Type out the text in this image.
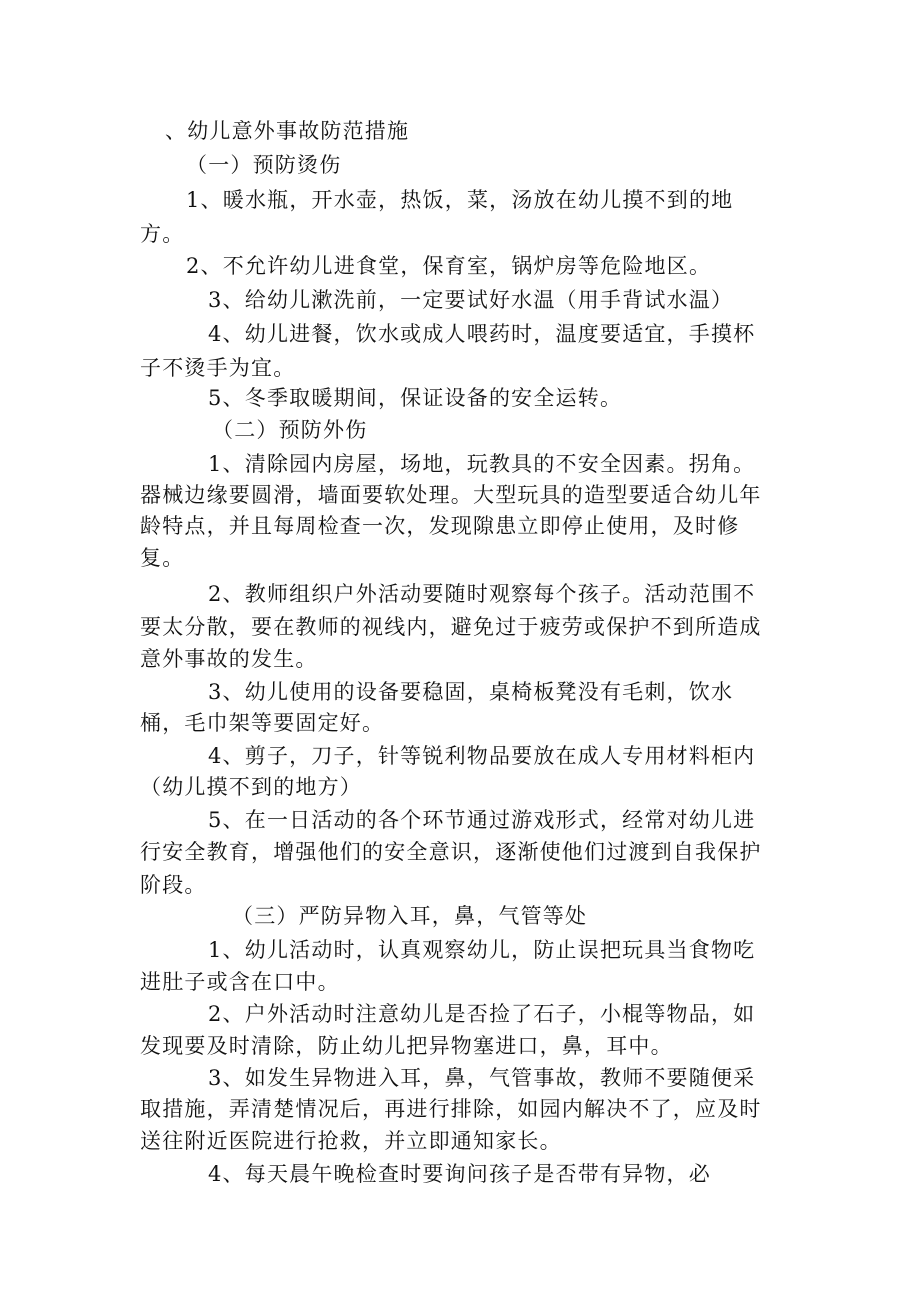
、幼儿意外事故防范措施
（一）预防烫伤
1、暖水瓶，开水壶，热饭，菜，汤放在幼儿摸不到的地
方。
2、不允许幼儿进食堂，保育室，锅炉房等危险地区。
3、给幼儿漱洗前，一定要试好水温（用手背试水温）
4、幼儿进餐，饮水或成人喂药时，温度要适宜，手摸杯
子不烫手为宜。
5、冬季取暖期间，保证设备的安全运转。
（二）预防外伤
1、清除园内房屋，场地，玩教具的不安全因素。拐角。
器械边缘要圆滑，墙面要软处理。大型玩具的造型要适合幼儿年
龄特点，并且每周检查一次，发现隙患立即停止使用，及时修
复。
2、教师组织户外活动要随时观察每个孩子。活动范围不
要太分散，要在教师的视线内，避免过于疲劳或保护不到所造成
意外事故的发生。
3、幼儿使用的设备要稳固，桌椅板凳没有毛刺，饮水
桶，毛巾架等要固定好。
4、剪子，刀子，针等锐利物品要放在成人专用材料柜内
（幼儿摸不到的地方）
5、在一日活动的各个环节通过游戏形式，经常对幼儿进
行安全教育，增强他们的安全意识，逐渐使他们过渡到自我保护
阶段。
（三）严防异物入耳，鼻，气管等处
1、幼儿活动时，认真观察幼儿，防止误把玩具当食物吃
进肚子或含在口中。
2、户外活动时注意幼儿是否捡了石子，小棍等物品，如
发现要及时清除，防止幼儿把异物塞进口，鼻，耳中。
3、如发生异物进入耳，鼻，气管事故，教师不要随便采
取措施，弄清楚情况后，再进行排除，如园内解决不了，应及时
送往附近医院进行抢救，并立即通知家长。
4、每天晨午晚检查时要询问孩子是否带有异物，必
